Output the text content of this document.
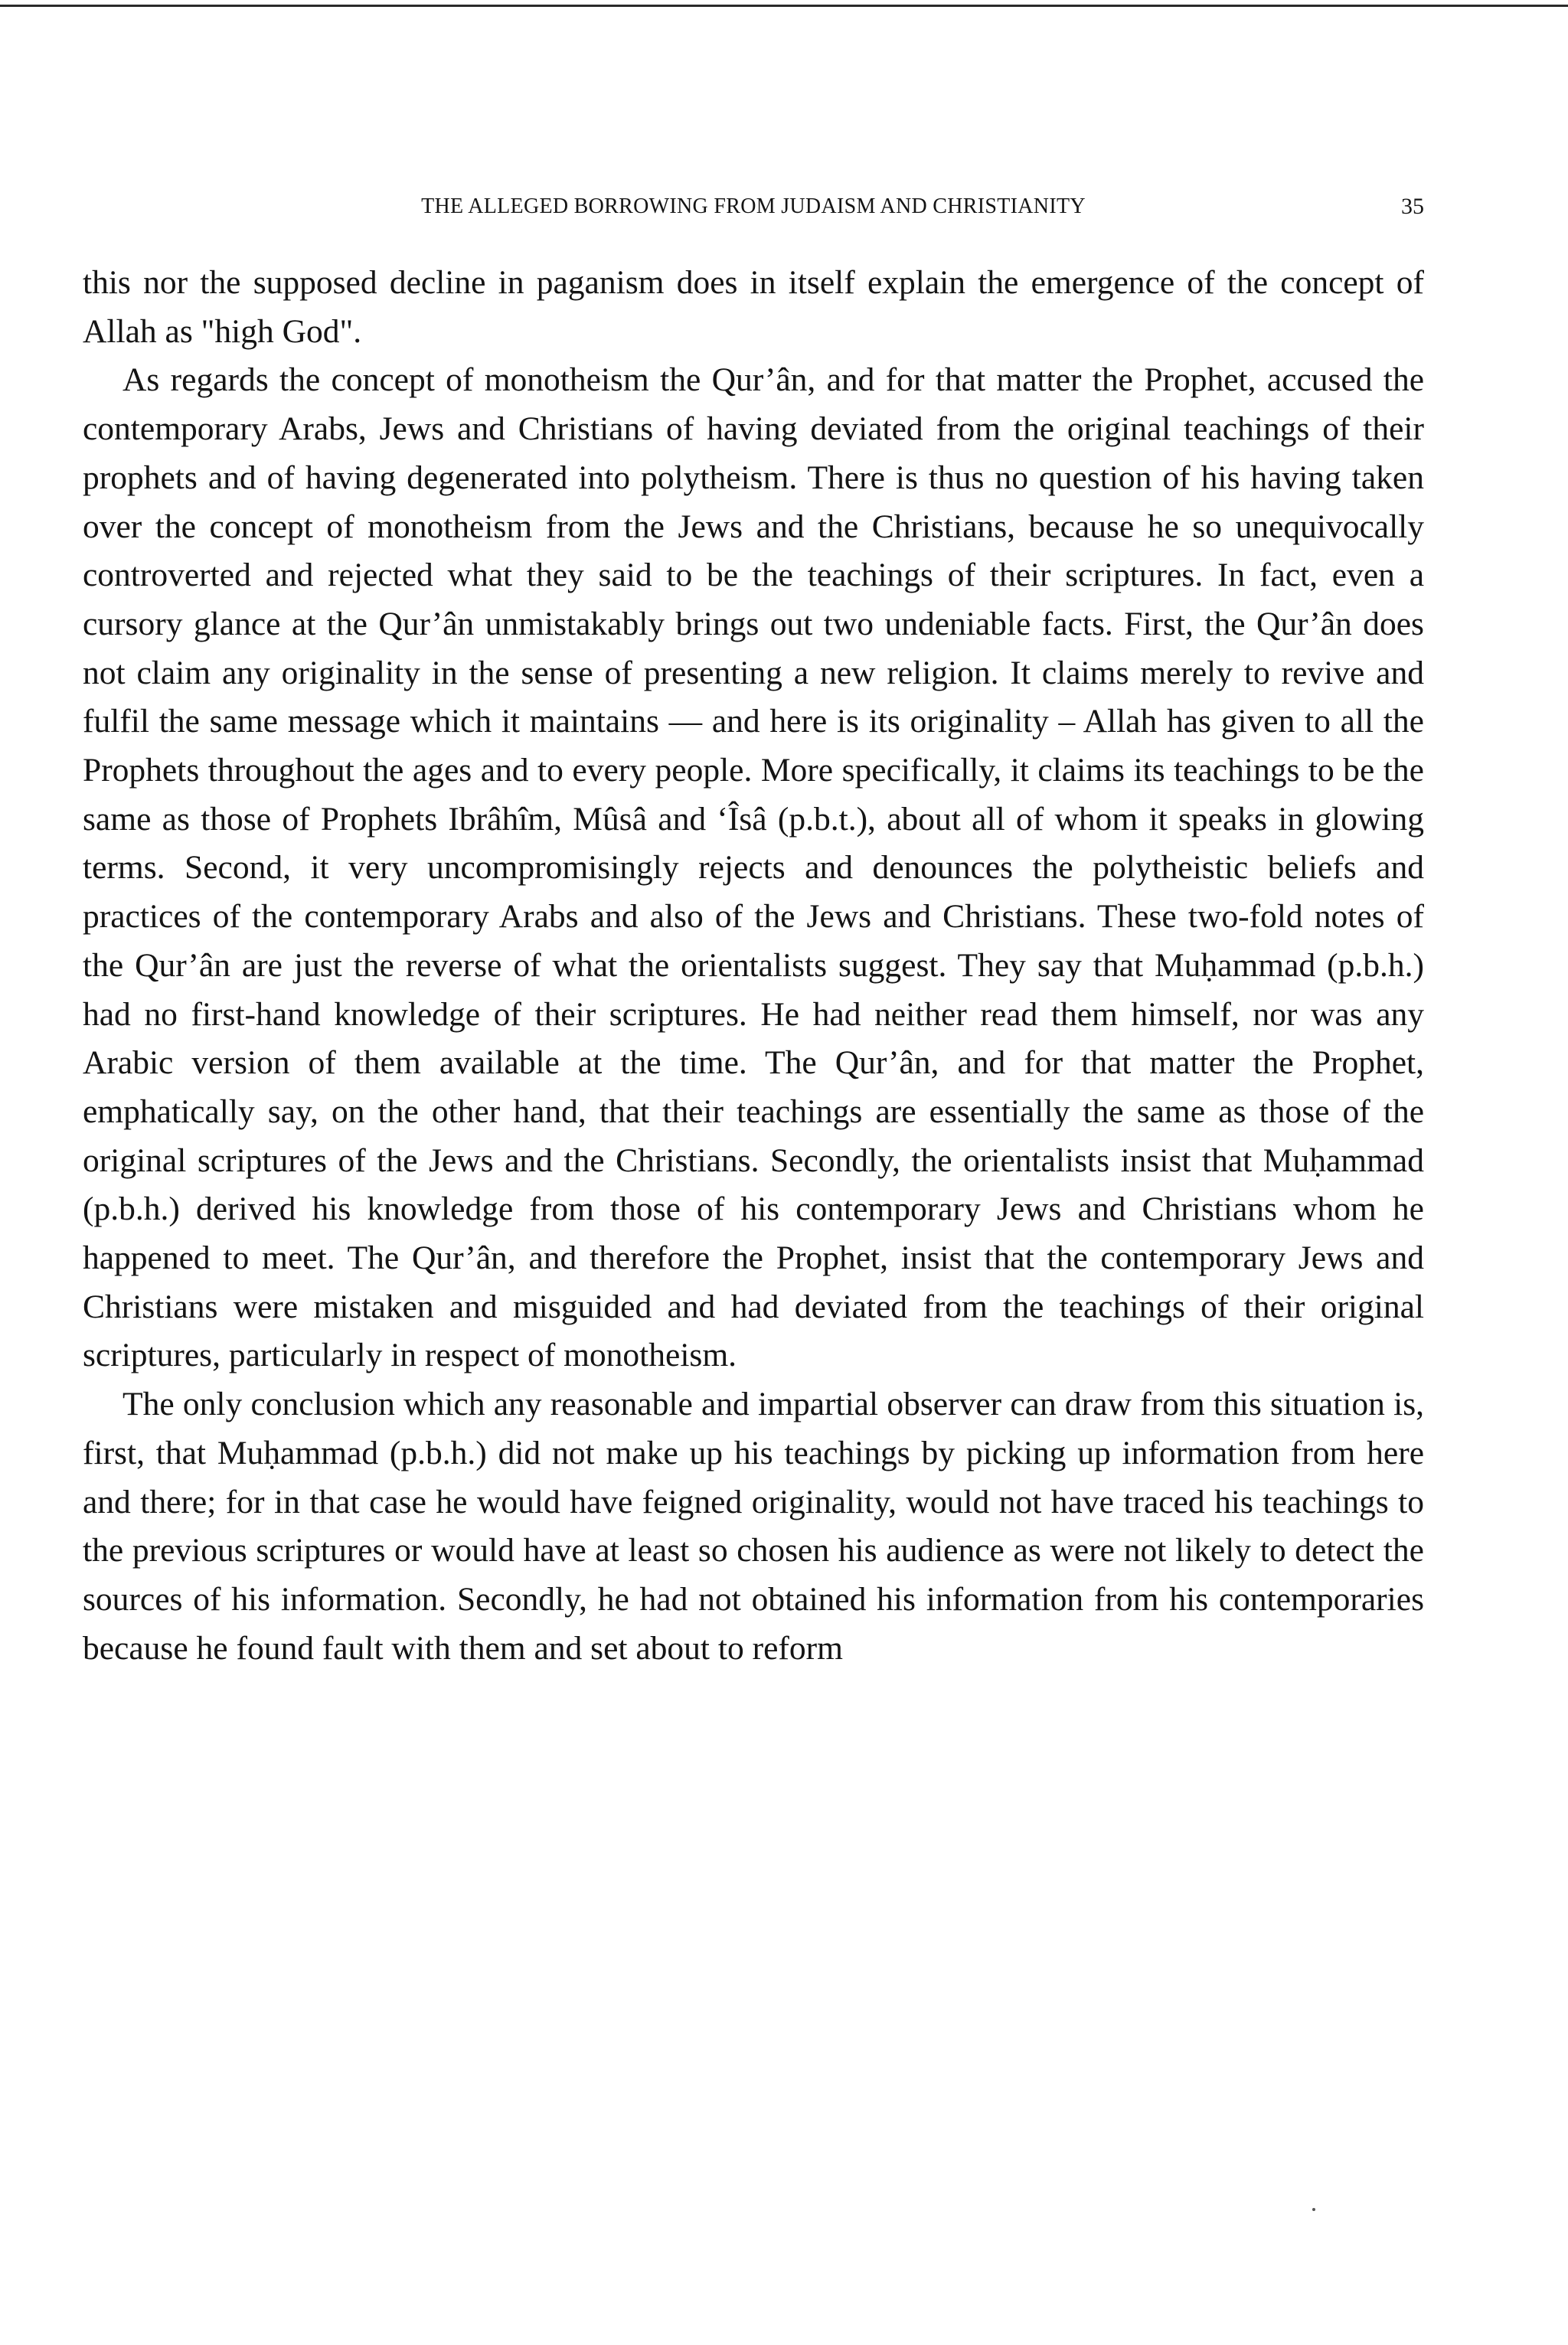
THE ALLEGED BORROWING FROM JUDAISM AND CHRISTIANITY	35

this nor the supposed decline in paganism does in itself explain the emergence of the concept of Allah as "high God".

As regards the concept of monotheism the Qur’ân, and for that matter the Prophet, accused the contemporary Arabs, Jews and Christians of having deviated from the original teachings of their prophets and of having degenerated into polytheism. There is thus no question of his having taken over the concept of monotheism from the Jews and the Christians, because he so unequivocally controverted and rejected what they said to be the teachings of their scriptures. In fact, even a cursory glance at the Qur’ân unmistakably brings out two undeniable facts. First, the Qur’ân does not claim any originality in the sense of presenting a new religion. It claims merely to revive and fulfil the same message which it maintains — and here is its originality – Allah has given to all the Prophets throughout the ages and to every people. More specifically, it claims its teachings to be the same as those of Prophets Ibrâhîm, Mûsâ and ‘Îsâ (p.b.t.), about all of whom it speaks in glowing terms. Second, it very uncompromisingly rejects and denounces the polytheistic beliefs and practices of the contemporary Arabs and also of the Jews and Christians. These two-fold notes of the Qur’ân are just the reverse of what the orientalists suggest. They say that Muḥammad (p.b.h.) had no first-hand knowledge of their scriptures. He had neither read them himself, nor was any Arabic version of them available at the time. The Qur’ân, and for that matter the Prophet, emphatically say, on the other hand, that their teachings are essentially the same as those of the original scriptures of the Jews and the Christians. Secondly, the orientalists insist that Muḥammad (p.b.h.) derived his knowledge from those of his contemporary Jews and Christians whom he happened to meet. The Qur’ân, and therefore the Prophet, insist that the contemporary Jews and Christians were mistaken and misguided and had deviated from the teachings of their original scriptures, particularly in respect of monotheism.

The only conclusion which any reasonable and impartial observer can draw from this situation is, first, that Muḥammad (p.b.h.) did not make up his teachings by picking up information from here and there; for in that case he would have feigned originality, would not have traced his teachings to the previous scriptures or would have at least so chosen his audience as were not likely to detect the sources of his information. Secondly, he had not obtained his information from his contemporaries because he found fault with them and set about to reform
